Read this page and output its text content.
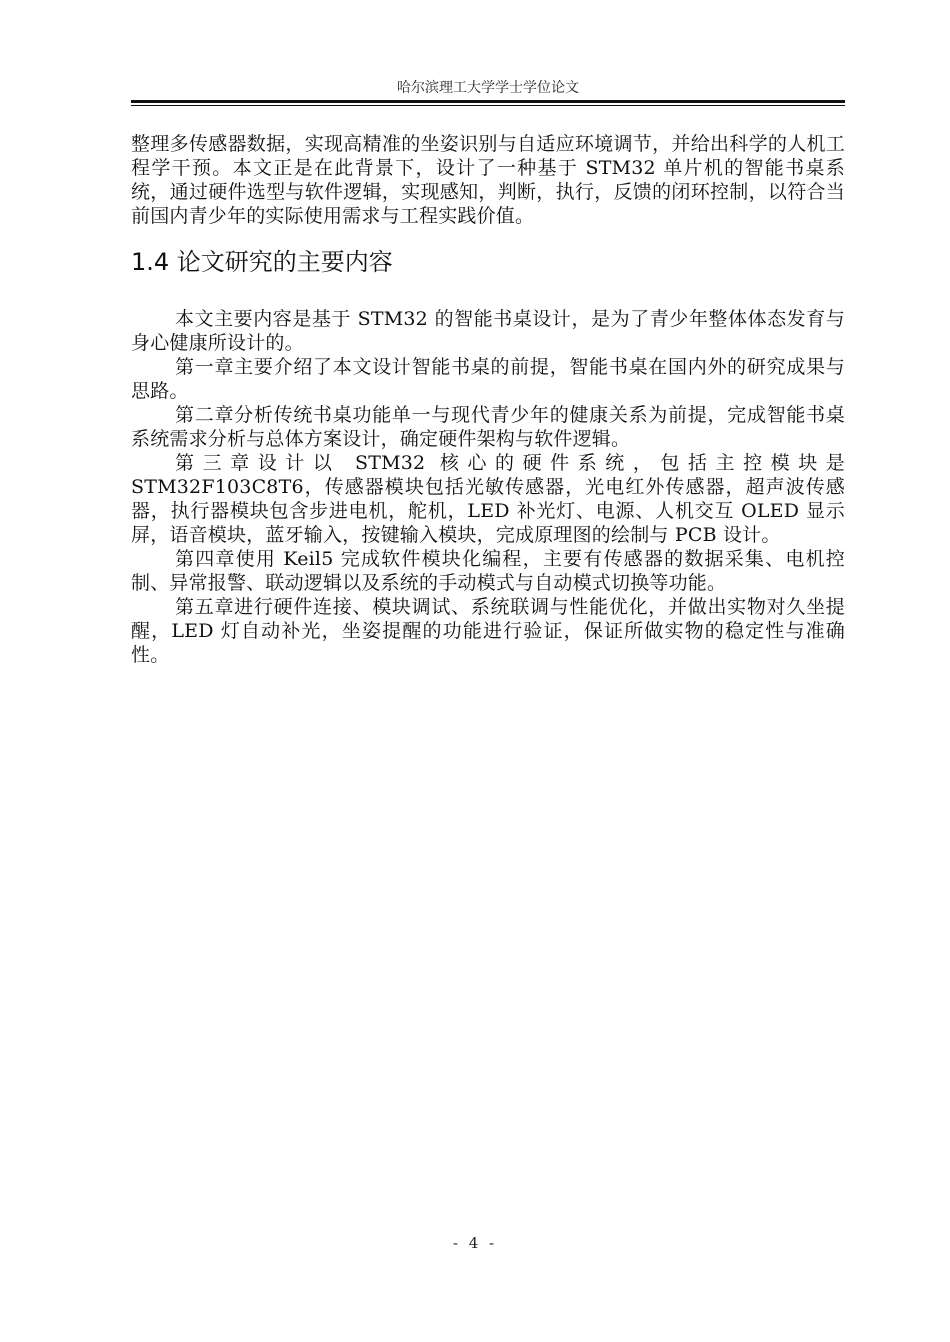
哈尔滨理工大学学士学位论文

整理多传感器数据，实现高精准的坐姿识别与自适应环境调节，并给出科学的人机工程学干预。本文正是在此背景下，设计了一种基于 STM32 单片机的智能书桌系统，通过硬件选型与软件逻辑，实现感知，判断，执行，反馈的闭环控制，以符合当前国内青少年的实际使用需求与工程实践价值。

1.4 论文研究的主要内容

本文主要内容是基于 STM32 的智能书桌设计，是为了青少年整体体态发育与身心健康所设计的。

第一章主要介绍了本文设计智能书桌的前提，智能书桌在国内外的研究成果与思路。

第二章分析传统书桌功能单一与现代青少年的健康关系为前提，完成智能书桌系统需求分析与总体方案设计，确定硬件架构与软件逻辑。

第三章设计以 STM32 核心的硬件系统，包括主控模块是 STM32F103C8T6，传感器模块包括光敏传感器，光电红外传感器，超声波传感器，执行器模块包含步进电机，舵机，LED 补光灯、电源、人机交互 OLED 显示屏，语音模块，蓝牙输入，按键输入模块，完成原理图的绘制与 PCB 设计。

第四章使用 Keil5 完成软件模块化编程，主要有传感器的数据采集、电机控制、异常报警、联动逻辑以及系统的手动模式与自动模式切换等功能。

第五章进行硬件连接、模块调试、系统联调与性能优化，并做出实物对久坐提醒，LED 灯自动补光，坐姿提醒的功能进行验证，保证所做实物的稳定性与准确性。

- 4 -
